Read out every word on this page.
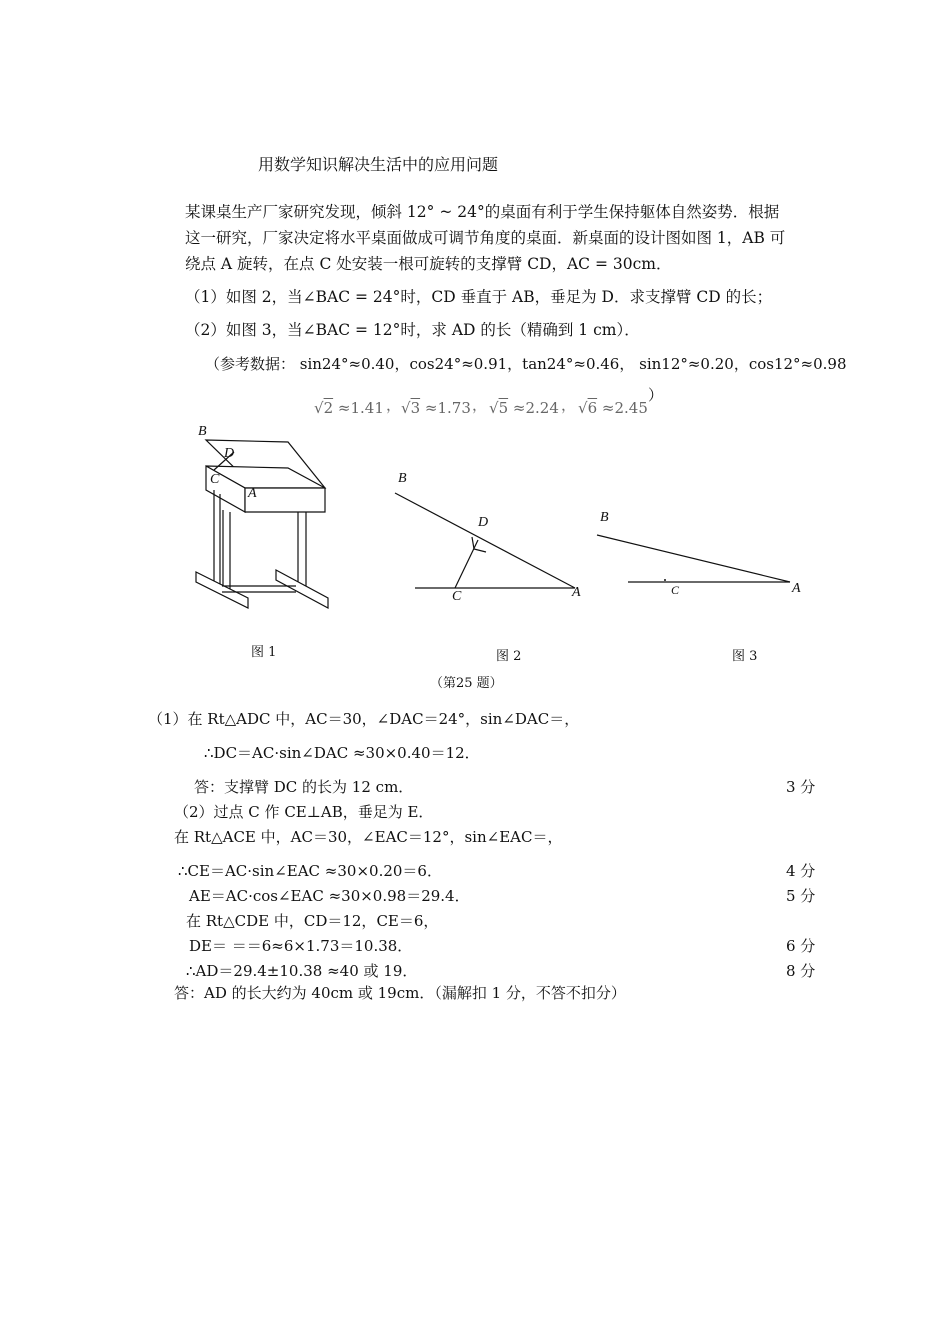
用数学知识解决生活中的应用问题
某课桌生产厂家研究发现，倾斜 12° ~ 24°的桌面有利于学生保持躯体自然姿势．根据
这一研究，厂家决定将水平桌面做成可调节角度的桌面．新桌面的设计图如图 1，AB 可
绕点 A 旋转，在点 C 处安装一根可旋转的支撑臂 CD，AC = 30cm．
（1）如图 2，当∠BAC = 24°时，CD 垂直于 AB，垂足为 D．求支撑臂 CD 的长；
（2）如图 3，当∠BAC = 12°时，求 AD 的长（精确到 1 cm）．
（参考数据： sin24°≈0.40，cos24°≈0.91，tan24°≈0.46， sin12°≈0.20，cos12°≈0.98
）
√2 ≈1.41 ， √3 ≈1.73 ， √5 ≈2.24 ， √6 ≈2.45
B
D
C
A
B
D
C	A
B
C	A
图 1	图 2	图 3
（第25 题）
（1）在 Rt△ADC 中，AC＝30，∠DAC＝24°，sin∠DAC＝，
∴DC＝AC·sin∠DAC ≈30×0.40＝12．
答：支撑臂 DC 的长为 12 cm．	3 分
（2）过点 C 作 CE⊥AB，垂足为 E．
在 Rt△ACE 中，AC＝30，∠EAC＝12°，sin∠EAC＝，
∴CE＝AC·sin∠EAC ≈30×0.20＝6．	4 分
AE＝AC·cos∠EAC ≈30×0.98＝29.4．	5 分
在 Rt△CDE 中，CD＝12，CE＝6，
DE＝ ＝＝6≈6×1.73＝10.38．	6 分
∴AD＝29.4±10.38 ≈40 或 19．	8 分
答：AD 的长大约为 40cm 或 19cm．（漏解扣 1 分，不答不扣分）
